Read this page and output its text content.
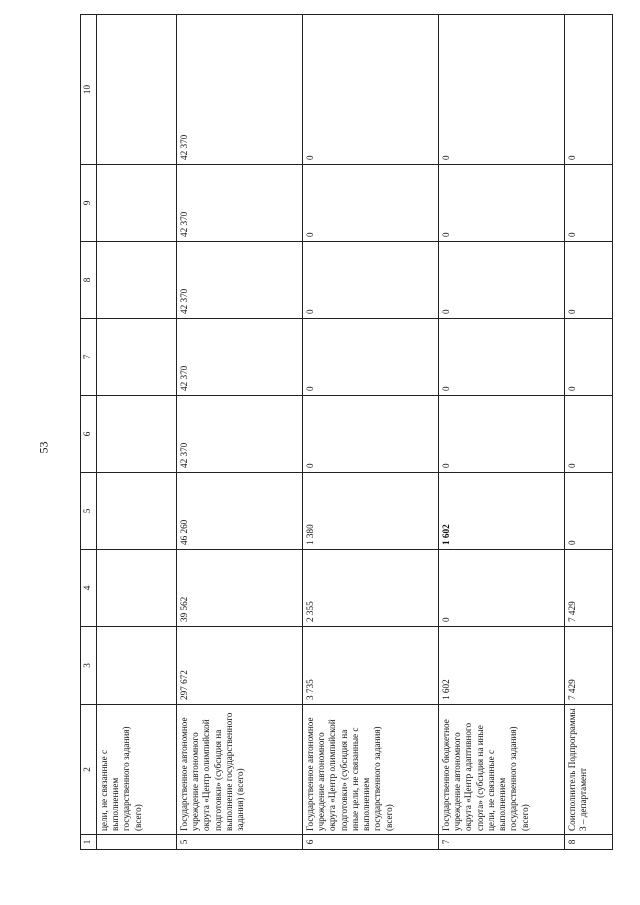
53
1	2	3	4	5	6	7	8	9	10
	цели, не связанные с выполнением государственного задания) (всего)								
5	Государственное автономное учреждение автономного округа «Центр олимпийской подготовки» (субсидия на выполнение государственного задания) (всего)	297 672	39 562	46 260	42 370	42 370	42 370	42 370	42 370
6	Государственное автономное учреждение автономного округа «Центр олимпийской подготовки» (субсидия на иные цели, не связанные с выполнением государственного задания) (всего)	3 735	2 355	1 380	0	0	0	0	0
7	Государственное бюджетное учреждение автономного округа «Центр адаптивного спорта» (субсидия на иные цели, не связанные с выполнением государственного задания) (всего)	1 602	0	1 602	0	0	0	0	0
8	Соисполнитель Подпрограммы 3 – департамент	7 429	7 429	0	0	0	0	0	0
